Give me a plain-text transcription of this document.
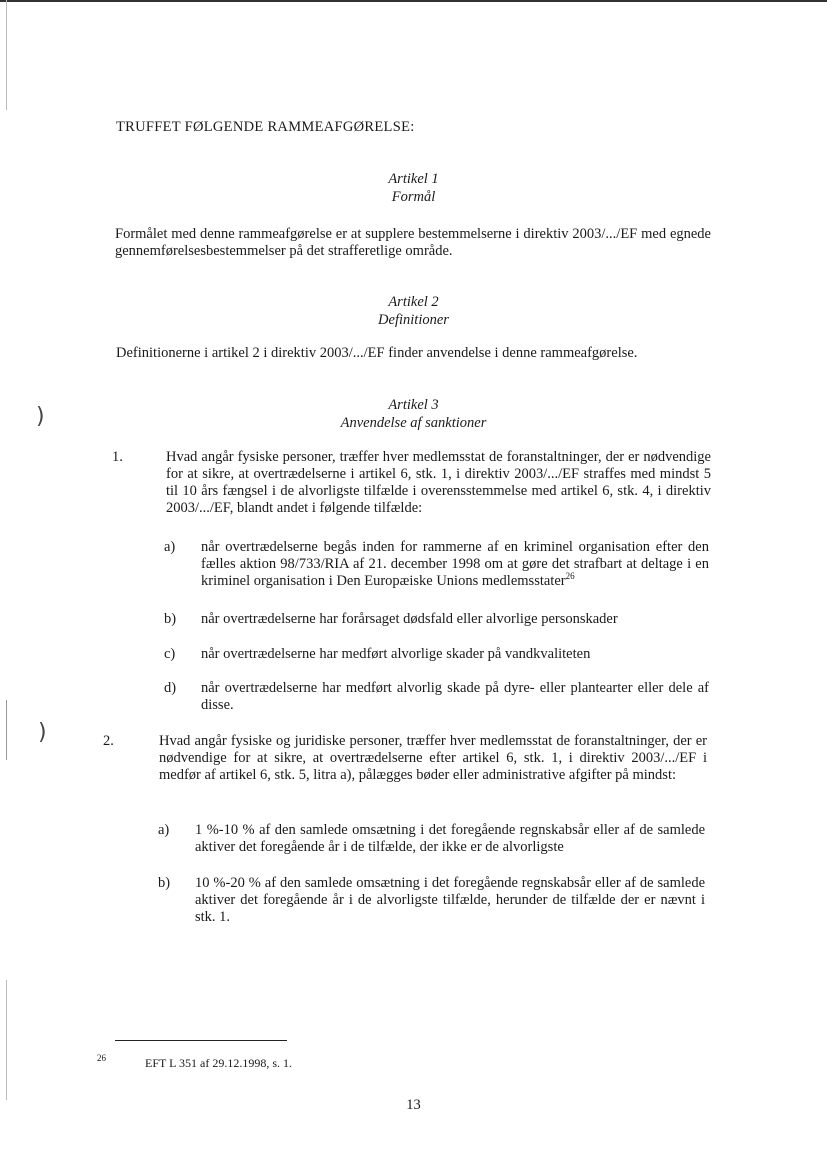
)
)
TRUFFET FØLGENDE RAMMEAFGØRELSE:
Artikel 1
Formål
Formålet med denne rammeafgørelse er at supplere bestemmelserne i direktiv 2003/.../EF med egnede gennemførelsesbestemmelser på det strafferetlige område.
Artikel 2
Definitioner
Definitionerne i artikel 2 i direktiv 2003/.../EF finder anvendelse i denne rammeafgørelse.
Artikel 3
Anvendelse af sanktioner
1.	Hvad angår fysiske personer, træffer hver medlemsstat de foranstaltninger, der er nødvendige for at sikre, at overtrædelserne i artikel 6, stk. 1, i direktiv 2003/.../EF straffes med mindst 5 til 10 års fængsel i de alvorligste tilfælde i overensstemmelse med artikel 6, stk. 4, i direktiv 2003/.../EF, blandt andet i følgende tilfælde:
a) når overtrædelserne begås inden for rammerne af en kriminel organisation efter den fælles aktion 98/733/RIA af 21. december 1998 om at gøre det strafbart at deltage i en kriminel organisation i Den Europæiske Unions medlemsstater$^{26}$
b) når overtrædelserne har forårsaget dødsfald eller alvorlige personskader
c) når overtrædelserne har medført alvorlige skader på vandkvaliteten
d) når overtrædelserne har medført alvorlig skade på dyre- eller plantearter eller dele af disse.
2.	Hvad angår fysiske og juridiske personer, træffer hver medlemsstat de foranstaltninger, der er nødvendige for at sikre, at overtrædelserne efter artikel 6, stk. 1, i direktiv 2003/.../EF i medfør af artikel 6, stk. 5, litra a), pålægges bøder eller administrative afgifter på mindst:
a) 1 %-10 % af den samlede omsætning i det foregående regnskabsår eller af de samlede aktiver det foregående år i de tilfælde, der ikke er de alvorligste
b) 10 %-20 % af den samlede omsætning i det foregående regnskabsår eller af de samlede aktiver det foregående år i de alvorligste tilfælde, herunder de tilfælde der er nævnt i stk. 1.
26	EFT L 351 af 29.12.1998, s. 1.
13
